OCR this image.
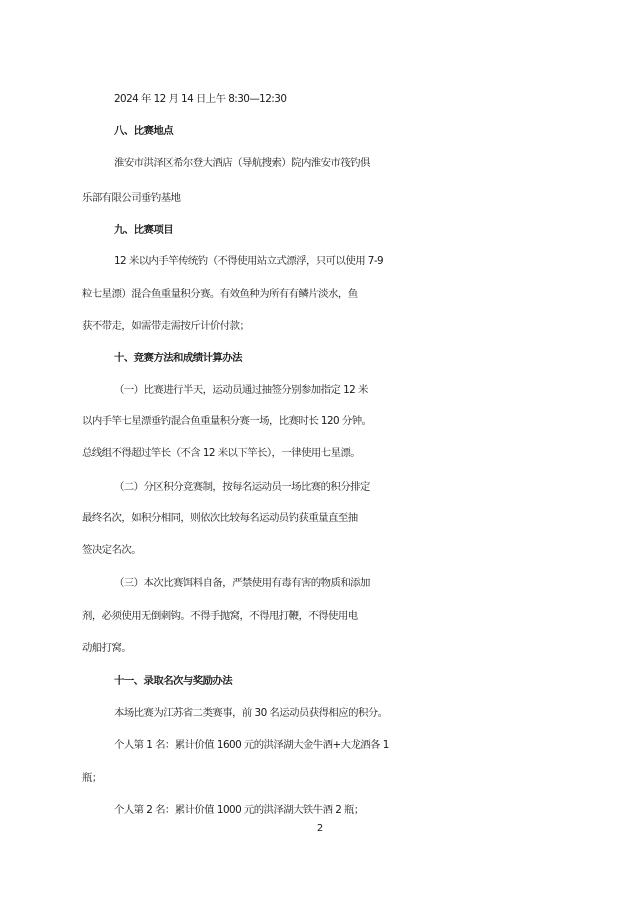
2024 年 12 月 14 日上午 8:30—12:30
八、比赛地点
淮安市洪泽区希尔登大酒店（导航搜索）院内淮安市筏钓俱
乐部有限公司垂钓基地
九、比赛项目
12 米以内手竿传统钓（不得使用站立式漂浮，只可以使用 7-9
粒七星漂）混合鱼重量积分赛。有效鱼种为所有有鳞片淡水，鱼
获不带走，如需带走需按斤计价付款；
十、竞赛方法和成绩计算办法
（一）比赛进行半天，运动员通过抽签分别参加指定 12 米
以内手竿七星漂垂钓混合鱼重量积分赛一场，比赛时长 120 分钟。
总线组不得超过竿长（不含 12 米以下竿长），一律使用七星漂。
（二）分区积分竞赛制，按每名运动员一场比赛的积分排定
最终名次，如积分相同，则依次比较每名运动员钓获重量直至抽
签决定名次。
（三）本次比赛饵料自备，严禁使用有毒有害的物质和添加
剂，必须使用无倒刺钩。不得手抛窝，不得甩打鞭，不得使用电
动船打窝。
十一、录取名次与奖励办法
本场比赛为江苏省二类赛事，前 30 名运动员获得相应的积分。
个人第 1 名：累计价值 1600 元的洪泽湖大金牛酒+大龙酒各 1
瓶；
个人第 2 名：累计价值 1000 元的洪泽湖大铁牛酒 2 瓶；
2
